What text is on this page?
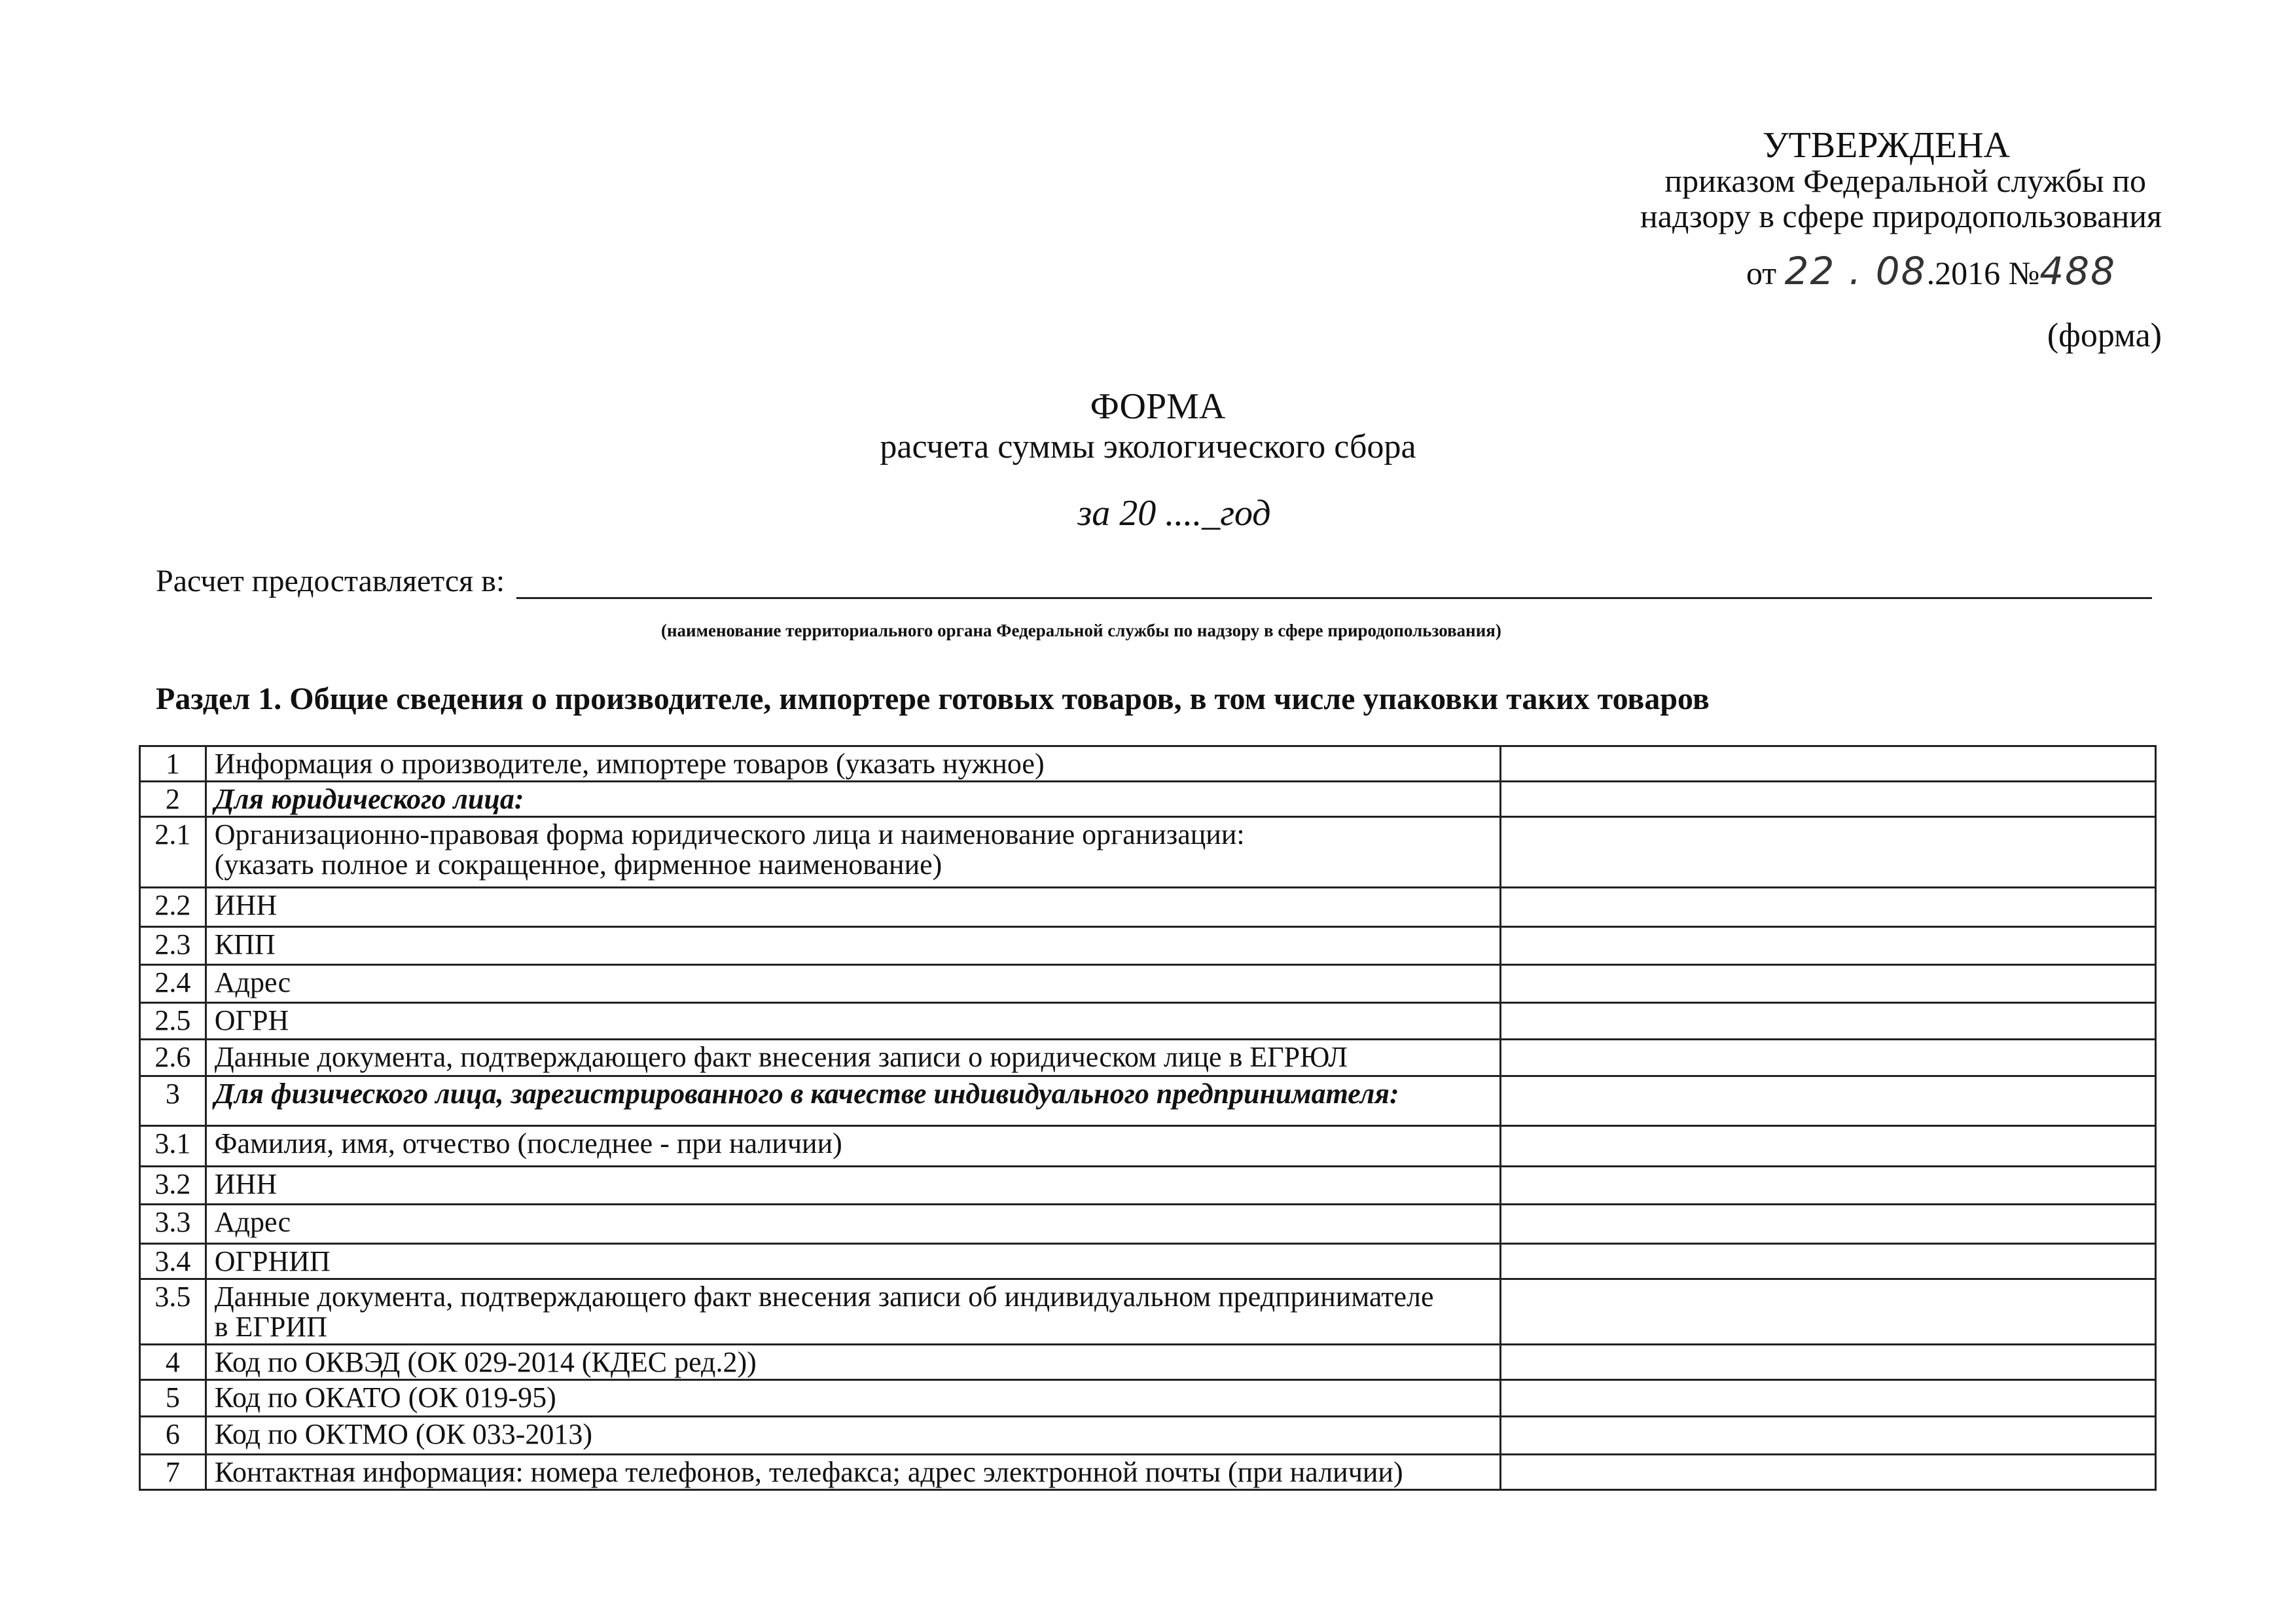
УТВЕРЖДЕНА
приказом Федеральной службы по
надзору в сфере природопользования
от 22 . 08.2016 №488
(форма)
ФОРМА
расчета суммы экологического сбора
за 20 ...._год
Расчет предоставляется в:
(наименование территориального органа Федеральной службы по надзору в сфере природопользования)
Раздел 1. Общие сведения о производителе, импортере готовых товаров, в том числе упаковки таких товаров
1	Информация о производителе, импортере товаров (указать нужное)	
2	Для юридического лица:	
2.1	Организационно-правовая форма юридического лица и наименование организации:
(указать полное и сокращенное, фирменное наименование)	

2.2	ИНН	
2.3	КПП	
2.4	Адрес	
2.5	ОГРН	
2.6	Данные документа, подтверждающего факт внесения записи о юридическом лице в ЕГРЮЛ	
3	Для физического лица, зарегистрированного в качестве индивидуального предпринимателя:	
3.1	Фамилия, имя, отчество (последнее - при наличии)	
3.2	ИНН	
3.3	Адрес	
3.4	ОГРНИП	
3.5	Данные документа, подтверждающего факт внесения записи об индивидуальном предпринимателе
в ЕГРИП	

4	Код по ОКВЭД (ОК 029-2014 (КДЕС ред.2))	
5	Код по ОКАТО (ОК 019-95)	
6	Код по ОКТМО (ОК 033-2013)	
7	Контактная информация: номера телефонов, телефакса; адрес электронной почты (при наличии)	
